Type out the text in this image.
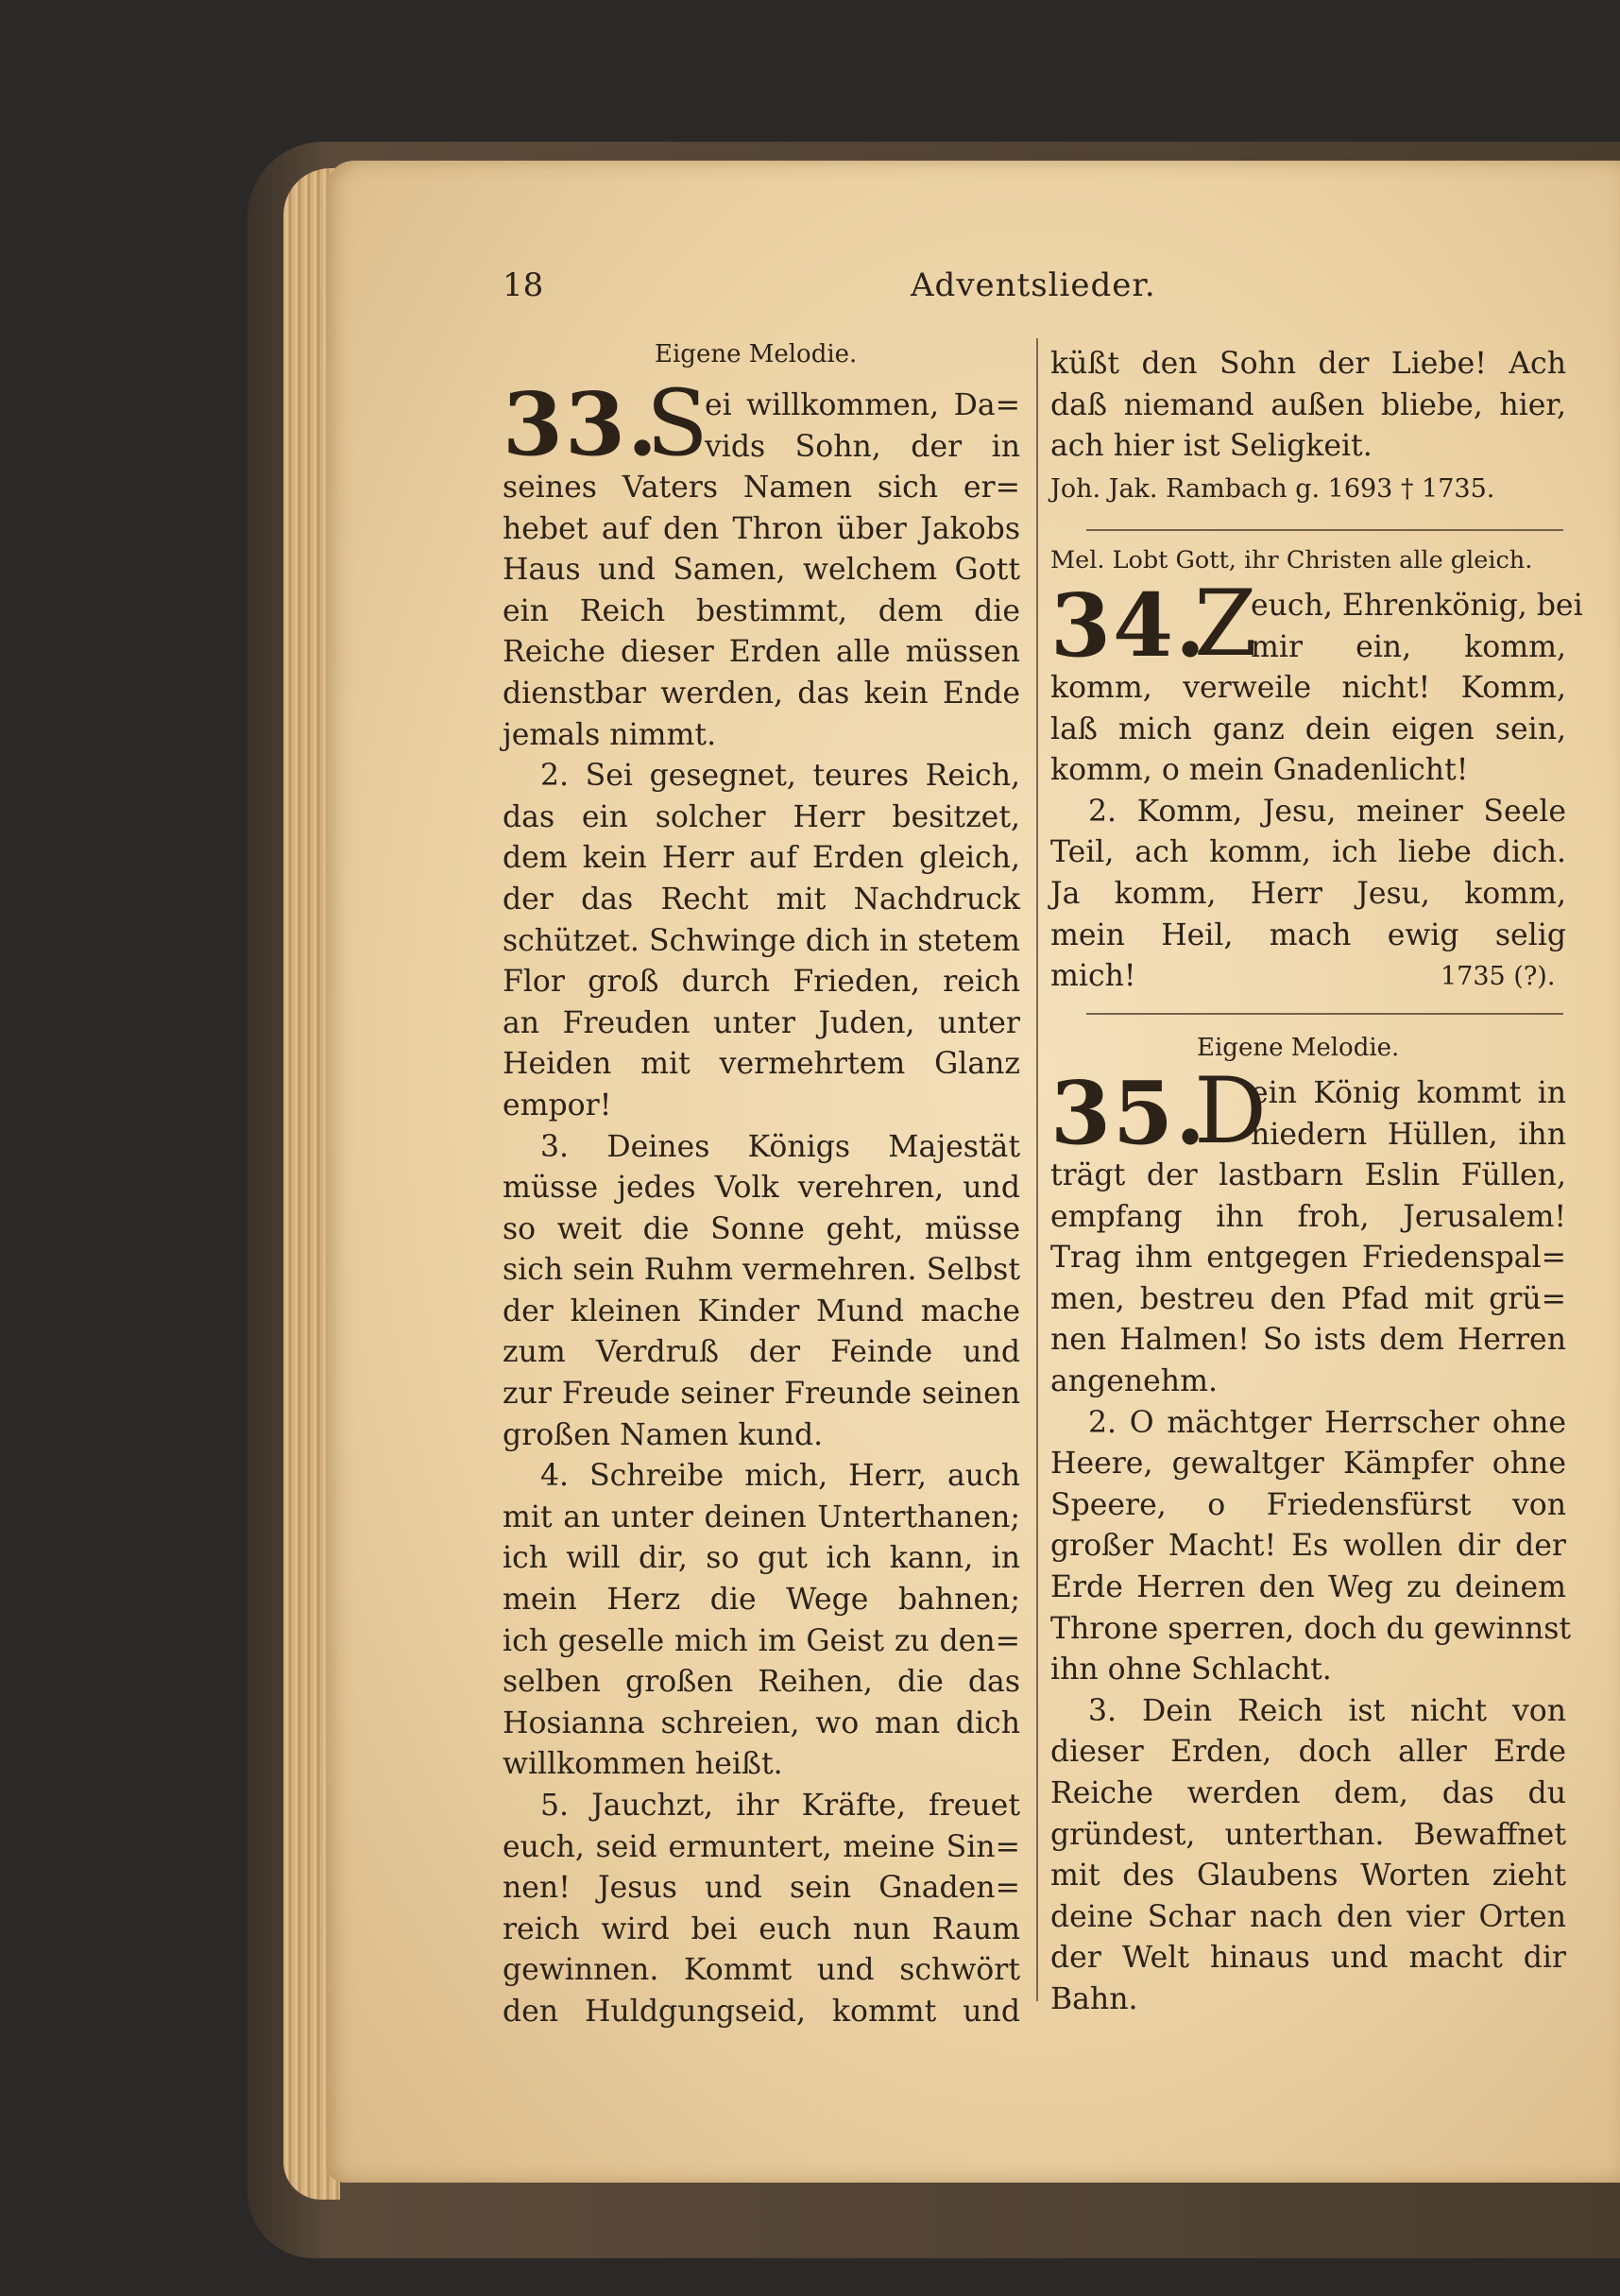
18	Adventslieder.
Eigene Melodie.
33.
S

ei willkommen, Da=

vids Sohn, der in

seines Vaters Namen sich er=

hebet auf den Thron über Jakobs

Haus und Samen, welchem Gott

ein Reich bestimmt, dem die

Reiche dieser Erden alle müssen

dienstbar werden, das kein Ende

jemals nimmt.

2. Sei gesegnet, teures Reich,

das ein solcher Herr besitzet,

dem kein Herr auf Erden gleich,

der das Recht mit Nachdruck

schützet. Schwinge dich in stetem

Flor groß durch Frieden, reich

an Freuden unter Juden, unter

Heiden mit vermehrtem Glanz

empor!

3. Deines Königs Majestät

müsse jedes Volk verehren, und

so weit die Sonne geht, müsse

sich sein Ruhm vermehren. Selbst

der kleinen Kinder Mund mache

zum Verdruß der Feinde und

zur Freude seiner Freunde seinen

großen Namen kund.

4. Schreibe mich, Herr, auch

mit an unter deinen Unterthanen;

ich will dir, so gut ich kann, in

mein Herz die Wege bahnen;

ich geselle mich im Geist zu den=

selben großen Reihen, die das

Hosianna schreien, wo man dich

willkommen heißt.

5. Jauchzt, ihr Kräfte, freuet

euch, seid ermuntert, meine Sin=

nen! Jesus und sein Gnaden=

reich wird bei euch nun Raum

gewinnen. Kommt und schwört

den Huldgungseid, kommt und

küßt den Sohn der Liebe! Ach

daß niemand außen bliebe, hier,

ach hier ist Seligkeit.

Joh. Jak. Rambach g. 1693 † 1735.
Mel. Lobt Gott, ihr Christen alle gleich.
34.
Z

euch, Ehrenkönig, bei

mir ein, komm,

komm, verweile nicht! Komm,

laß mich ganz dein eigen sein,

komm, o mein Gnadenlicht!

2. Komm, Jesu, meiner Seele

Teil, ach komm, ich liebe dich.

Ja komm, Herr Jesu, komm,

mein Heil, mach ewig selig

mich!	1735 (?).
Eigene Melodie.
35.
D

ein König kommt in

niedern Hüllen, ihn

trägt der lastbarn Eslin Füllen,

empfang ihn froh, Jerusalem!

Trag ihm entgegen Friedenspal=

men, bestreu den Pfad mit grü=

nen Halmen! So ists dem Herren

angenehm.

2. O mächtger Herrscher ohne

Heere, gewaltger Kämpfer ohne

Speere, o Friedensfürst von

großer Macht! Es wollen dir der

Erde Herren den Weg zu deinem

Throne sperren, doch du gewinnst

ihn ohne Schlacht.

3. Dein Reich ist nicht von

dieser Erden, doch aller Erde

Reiche werden dem, das du

gründest, unterthan. Bewaffnet

mit des Glaubens Worten zieht

deine Schar nach den vier Orten

der Welt hinaus und macht dir

Bahn.
